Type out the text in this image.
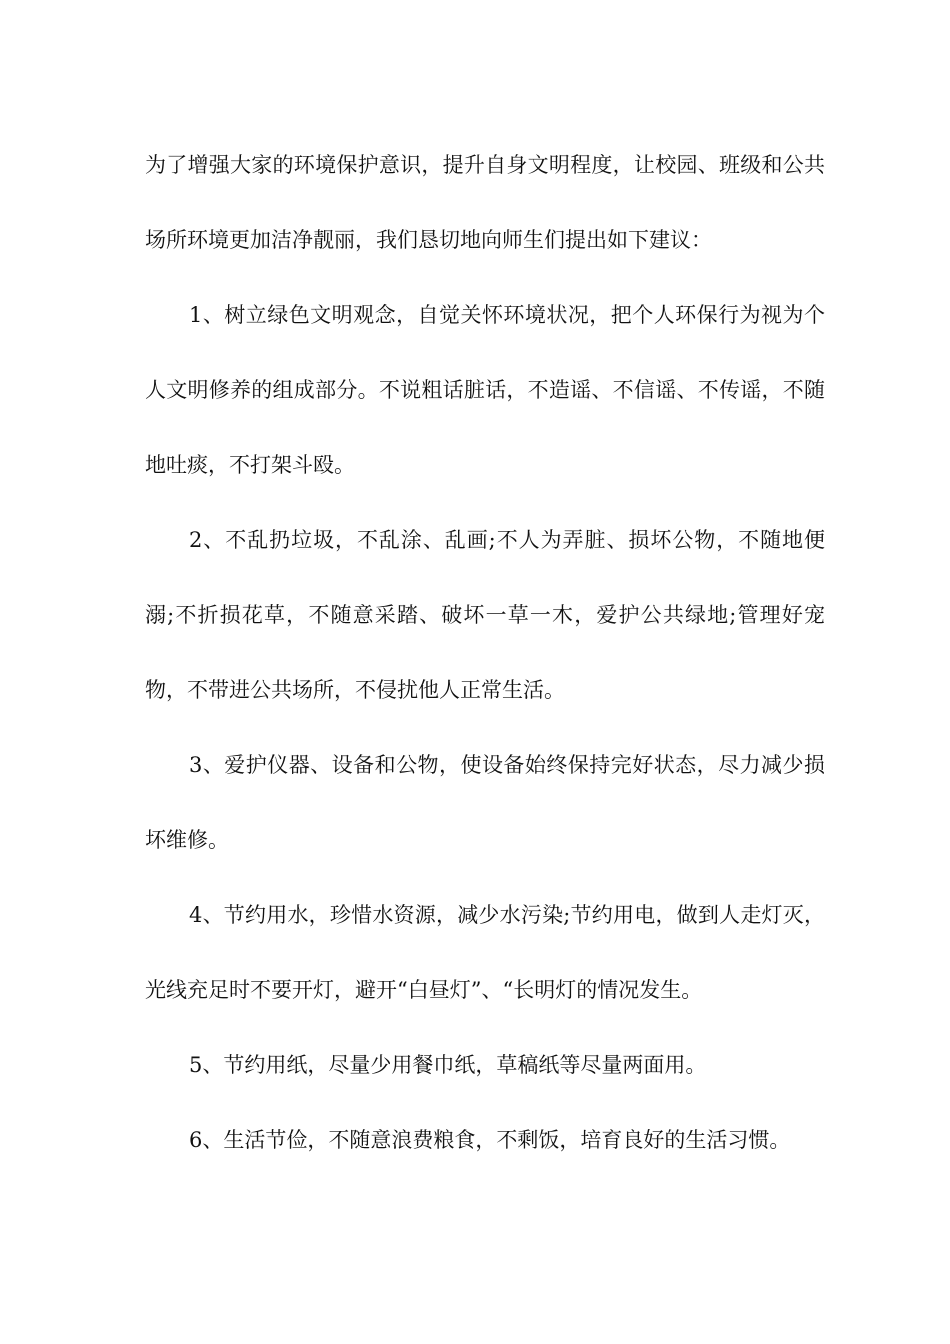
为了增强大家的环境保护意识，提升自身文明程度，让校园、班级和公共场所环境更加洁净靓丽，我们恳切地向师生们提出如下建议：

1、树立绿色文明观念，自觉关怀环境状况，把个人环保行为视为个人文明修养的组成部分。不说粗话脏话，不造谣、不信谣、不传谣，不随地吐痰，不打架斗殴。

2、不乱扔垃圾，不乱涂、乱画;不人为弄脏、损坏公物，不随地便溺;不折损花草，不随意采踏、破坏一草一木，爱护公共绿地;管理好宠物，不带进公共场所，不侵扰他人正常生活。

3、爱护仪器、设备和公物，使设备始终保持完好状态，尽力减少损坏维修。

4、节约用水，珍惜水资源，减少水污染;节约用电，做到人走灯灭，光线充足时不要开灯，避开“白昼灯”、“长明灯的情况发生。

5、节约用纸，尽量少用餐巾纸，草稿纸等尽量两面用。

6、生活节俭，不随意浪费粮食，不剩饭，培育良好的生活习惯。
